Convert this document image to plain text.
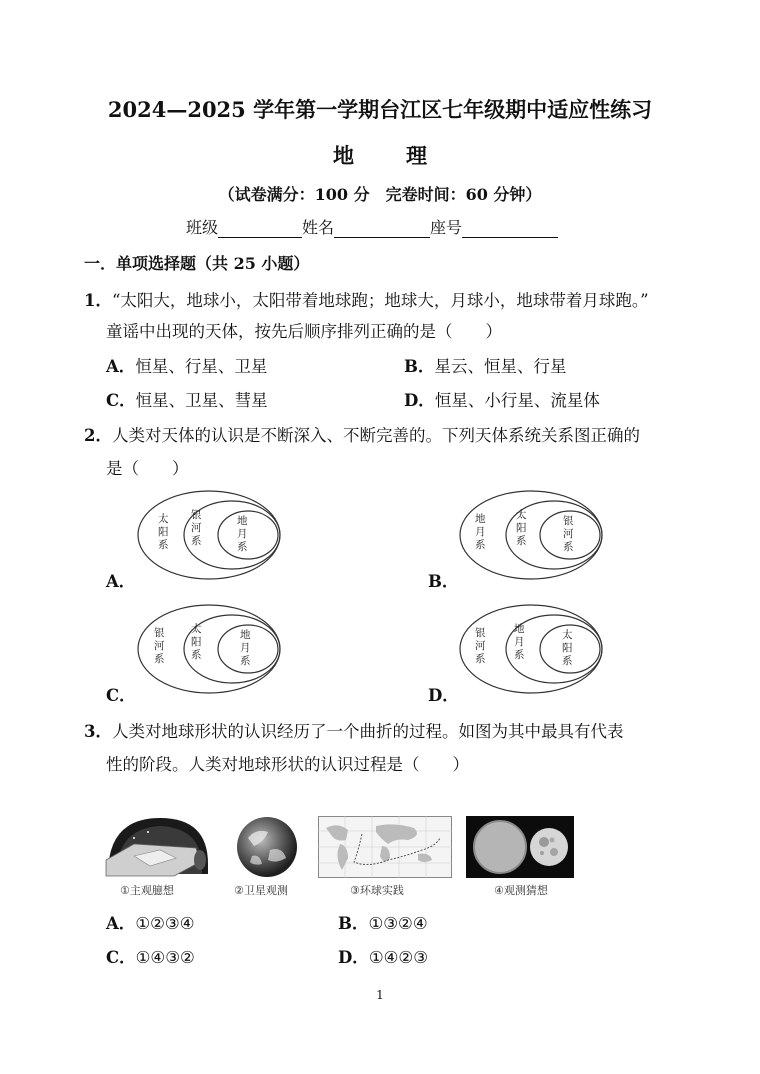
2024—2025 学年第一学期台江区七年级期中适应性练习
地 理
（试卷满分：100 分　完卷时间：60 分钟）
班级	姓名	座号
一．单项选择题（共 25 小题）
1．“太阳大，地球小，太阳带着地球跑；地球大，月球小，地球带着月球跑。”
童谣中出现的天体，按先后顺序排列正确的是（　　）
A．恒星、行星、卫星	B．星云、恒星、行星
C．恒星、卫星、彗星	D．恒星、小行星、流星体
2．人类对天体的认识是不断深入、不断完善的。下列天体系统关系图正确的
是（　　）
A．
太阳系
银河系
地月系
B．
地月系
太阳系
银河系
C．
银河系
太阳系
地月系
D．
银河系
地月系
太阳系
3．人类对地球形状的认识经历了一个曲折的过程。如图为其中最具有代表
性的阶段。人类对地球形状的认识过程是（　　）
①主观臆想	②卫星观测	③环球实践	④观测猜想
A．①②③④	B．①③②④
C．①④③②	D．①④②③
1
